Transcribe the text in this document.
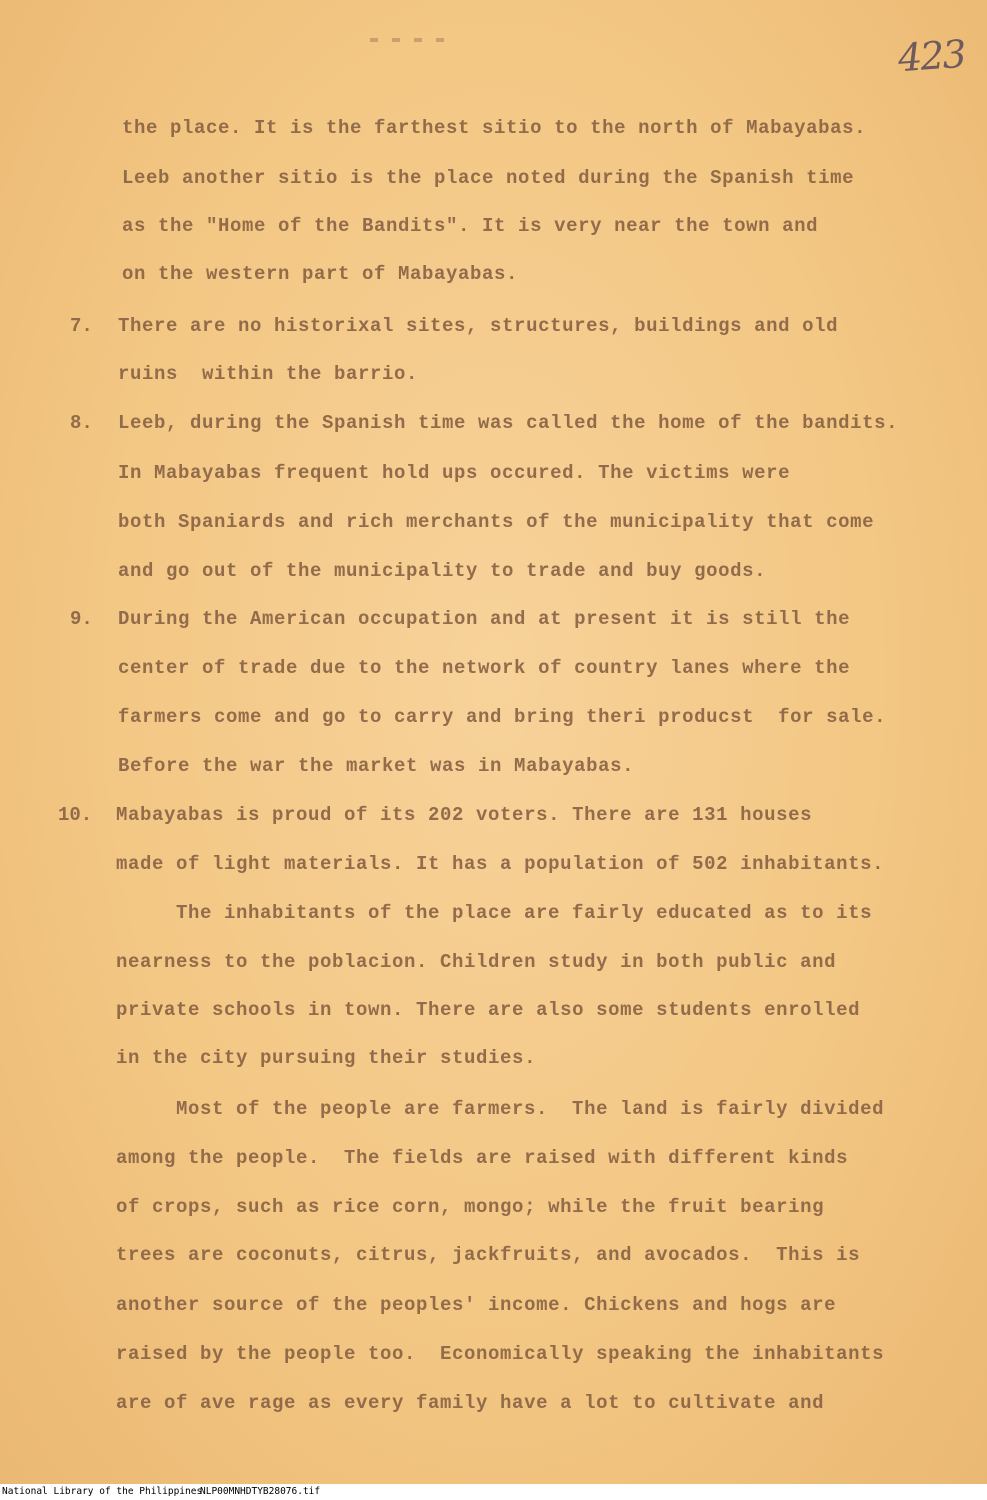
423
7.
8.
9.
10.
the place. It is the farthest sitio to the north of Mabayabas.
Leeb another sitio is the place noted during the Spanish time
as the "Home of the Bandits". It is very near the town and
on the western part of Mabayabas.
There are no historixal sites, structures, buildings and old
ruins  within the barrio.
Leeb, during the Spanish time was called the home of the bandits.
In Mabayabas frequent hold ups occured. The victims were
both Spaniards and rich merchants of the municipality that come
and go out of the municipality to trade and buy goods.
During the American occupation and at present it is still the
center of trade due to the network of country lanes where the
farmers come and go to carry and bring theri producst  for sale.
Before the war the market was in Mabayabas.
Mabayabas is proud of its 202 voters. There are 131 houses
made of light materials. It has a population of 502 inhabitants.
The inhabitants of the place are fairly educated as to its
nearness to the poblacion. Children study in both public and
private schools in town. There are also some students enrolled
in the city pursuing their studies.
Most of the people are farmers.  The land is fairly divided
among the people.  The fields are raised with different kinds
of crops, such as rice corn, mongo; while the fruit bearing
trees are coconuts, citrus, jackfruits, and avocados.  This is
another source of the peoples' income. Chickens and hogs are
raised by the people too.  Economically speaking the inhabitants
are of ave rage as every family have a lot to cultivate and
National Library of the Philippines
NLP00MNHDTYB28076.tif
